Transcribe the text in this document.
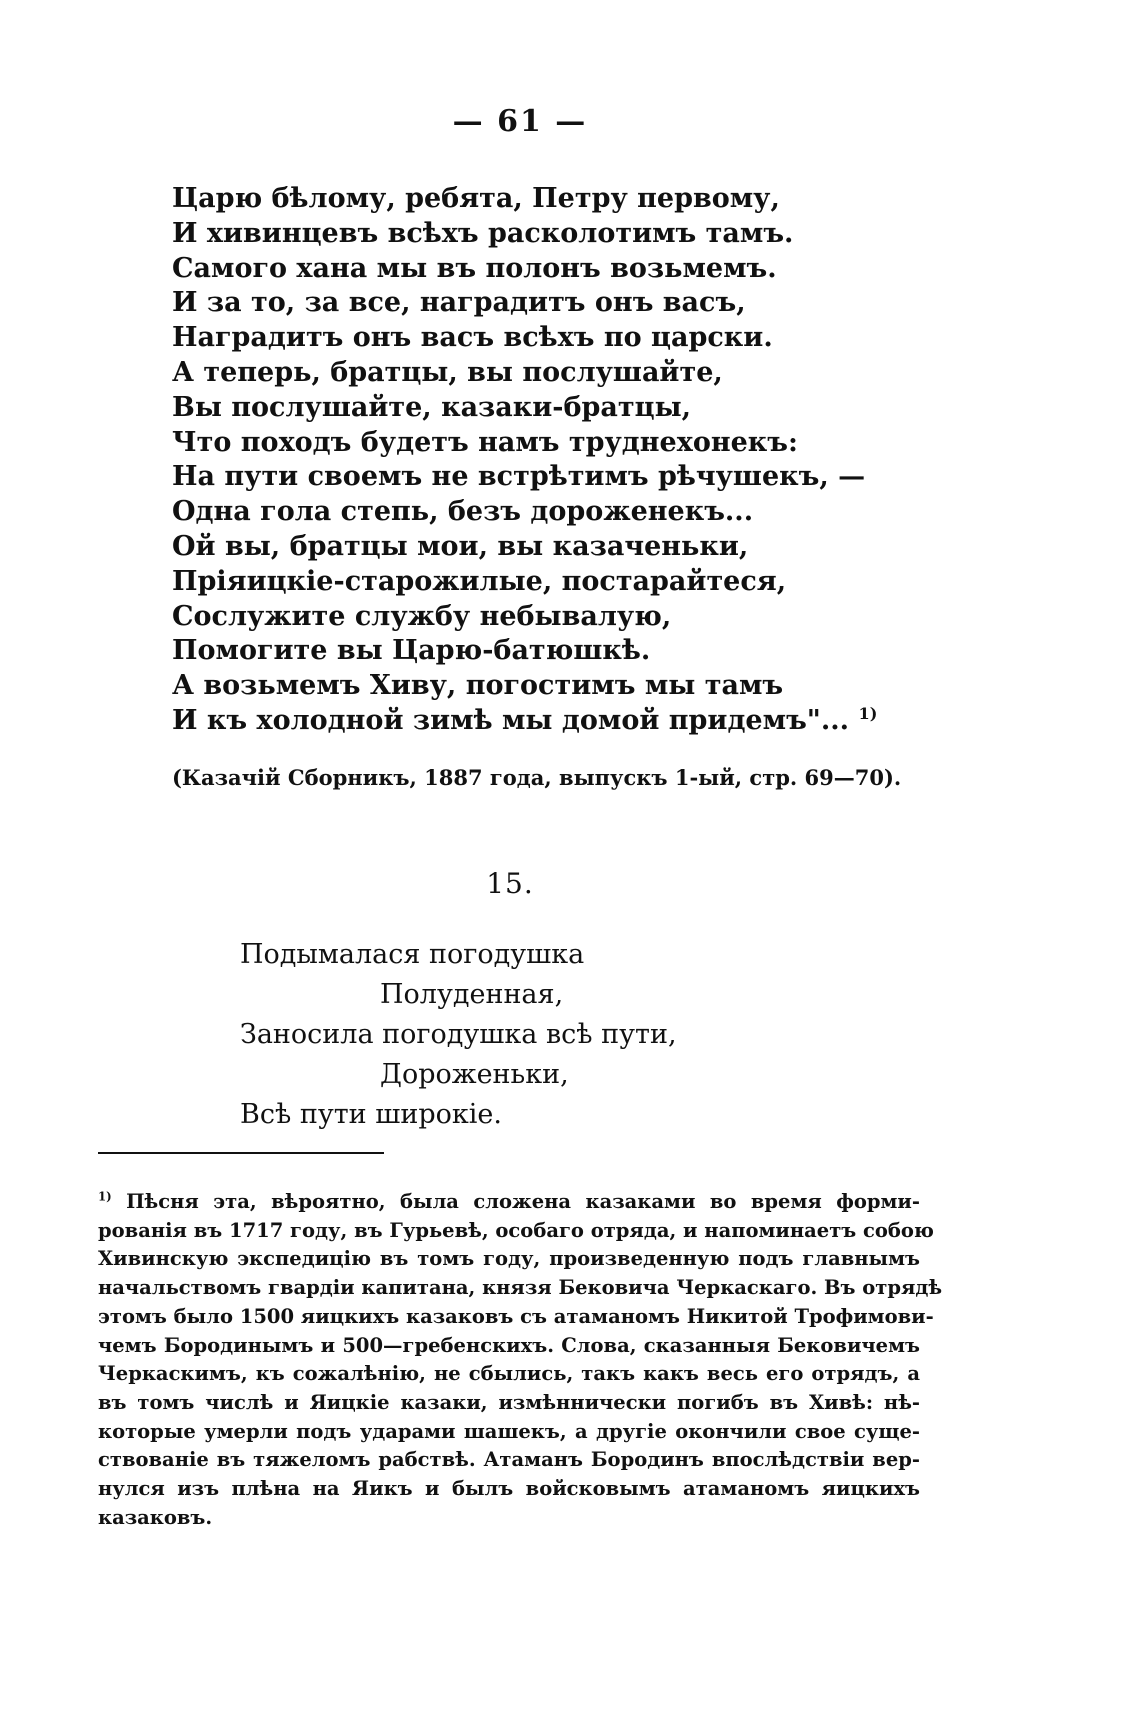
— 61 —
Царю бѣлому, ребята, Петру первому,
И хивинцевъ всѣхъ расколотимъ тамъ.
Самого хана мы въ полонъ возьмемъ.
И за то, за все, наградитъ онъ васъ,
Наградитъ онъ васъ всѣхъ по царски.
А теперь, братцы, вы послушайте,
Вы послушайте, казаки-братцы,
Что походъ будетъ намъ труднехонекъ:
На пути своемъ не встрѣтимъ рѣчушекъ, —
Одна гола степь, безъ дороженекъ...
Ой вы, братцы мои, вы казаченьки,
Пріяицкіе-старожилые, постарайтеся,
Сослужите службу небывалую,
Помогите вы Царю-батюшкѣ.
А возьмемъ Хиву, погостимъ мы тамъ
И къ холодной зимѣ мы домой придемъ"... $^{1)}$
(Казачій Сборникъ, 1887 года, выпускъ 1-ый, стр. 69—70).
15.
Подымалася погодушка
Полуденная,
Заносила погодушка всѣ пути,
Дороженьки,
Всѣ пути широкіе.
$^{1)}$ Пѣсня эта, вѣроятно, была сложена казаками во время форми-
рованія въ 1717 году, въ Гурьевѣ, особаго отряда, и напоминаетъ собою
Хивинскую экспедицію въ томъ году, произведенную подъ главнымъ
начальствомъ гвардіи капитана, князя Бековича Черкаскаго. Въ отрядѣ
этомъ было 1500 яицкихъ казаковъ съ атаманомъ Никитой Трофимови-
чемъ Бородинымъ и 500—гребенскихъ. Слова, сказанныя Бековичемъ
Черкаскимъ, къ сожалѣнію, не сбылись, такъ какъ весь его отрядъ, а
въ томъ числѣ и Яицкіе казаки, измѣннически погибъ въ Хивѣ: нѣ-
которые умерли подъ ударами шашекъ, а другіе окончили свое суще-
ствованіе въ тяжеломъ рабствѣ. Атаманъ Бородинъ впослѣдствіи вер-
нулся изъ плѣна на Яикъ и былъ войсковымъ атаманомъ яицкихъ
казаковъ.
